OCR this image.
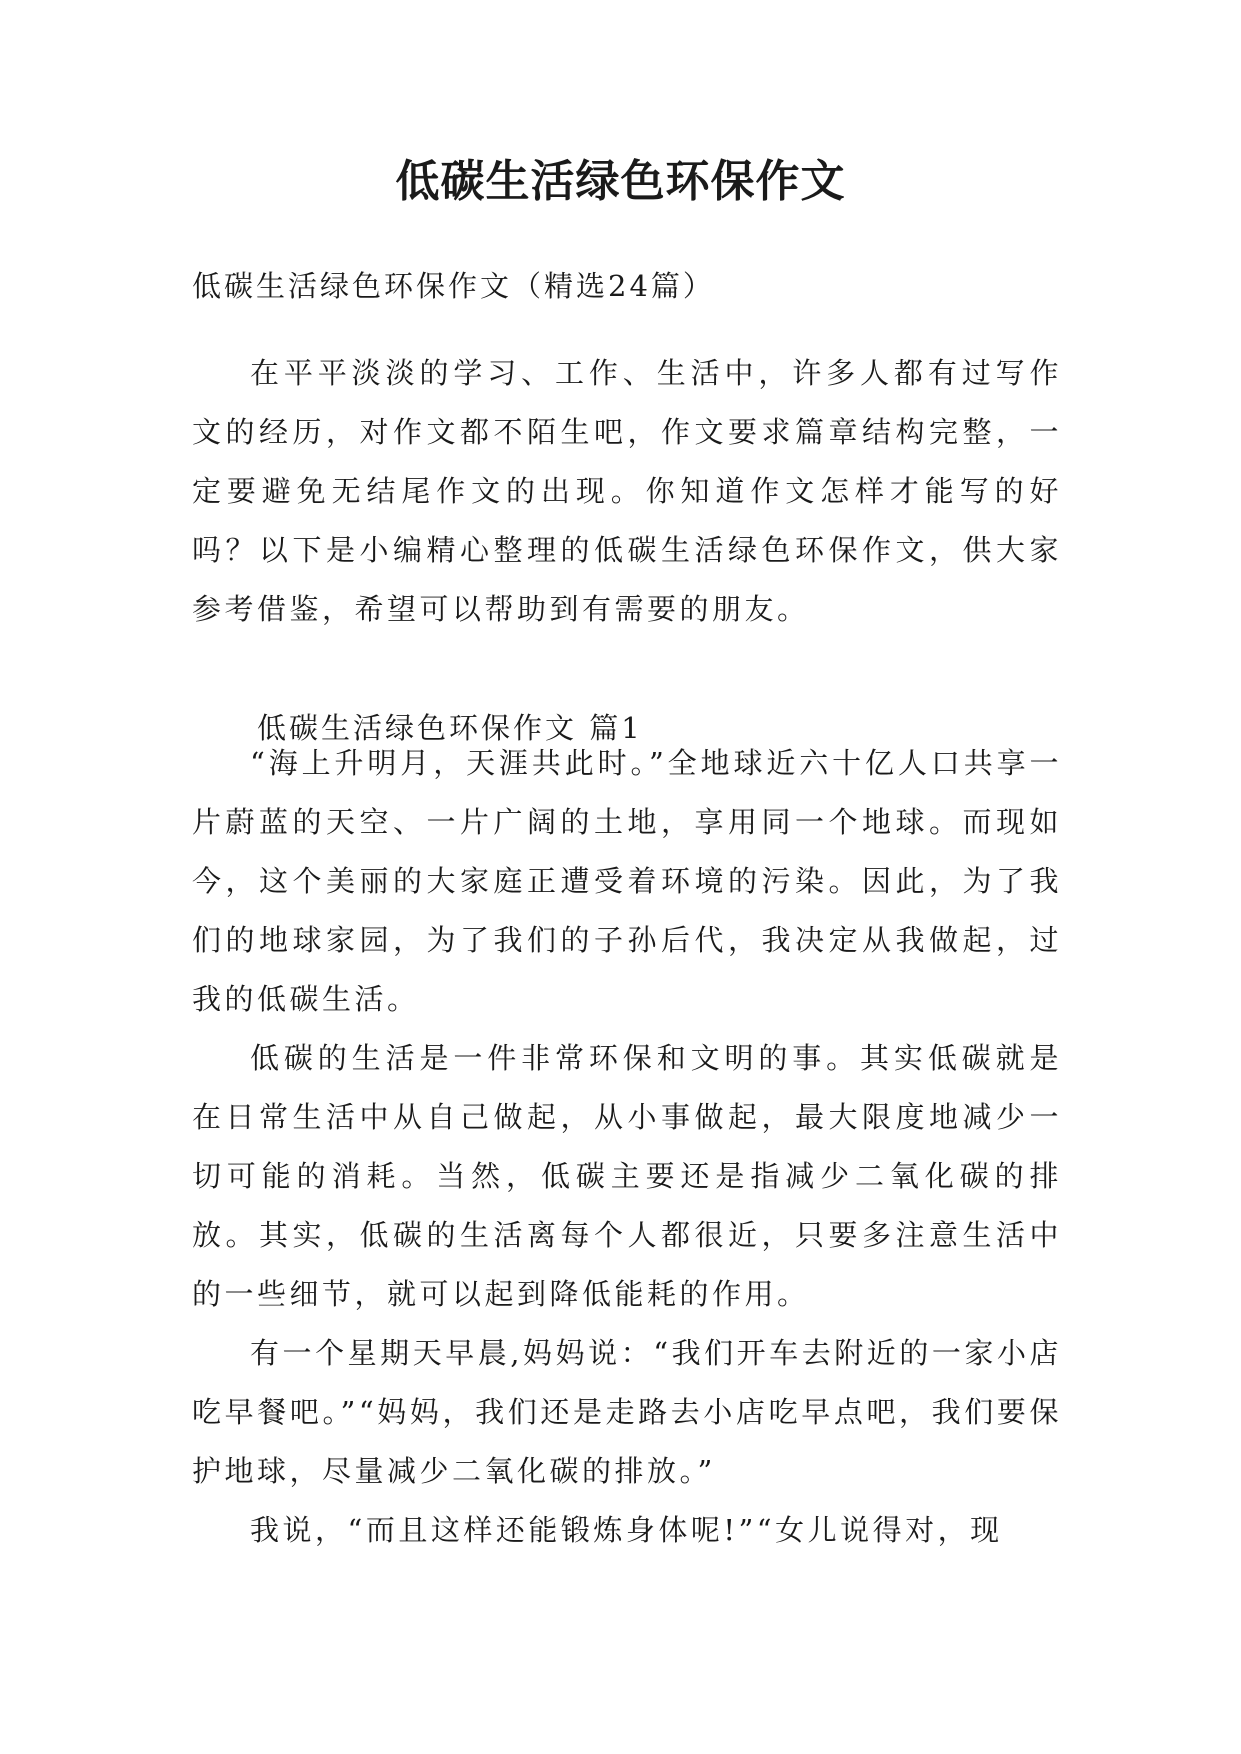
低碳生活绿色环保作文

低碳生活绿色环保作文（精选24篇）

在平平淡淡的学习、工作、生活中，许多人都有过写作文的经历，对作文都不陌生吧，作文要求篇章结构完整，一定要避免无结尾作文的出现。你知道作文怎样才能写的好吗？以下是小编精心整理的低碳生活绿色环保作文，供大家参考借鉴，希望可以帮助到有需要的朋友。

低碳生活绿色环保作文 篇1

“海上升明月，天涯共此时。”全地球近六十亿人口共享一片蔚蓝的天空、一片广阔的土地，享用同一个地球。而现如今，这个美丽的大家庭正遭受着环境的污染。因此，为了我们的地球家园，为了我们的子孙后代，我决定从我做起，过我的低碳生活。

低碳的生活是一件非常环保和文明的事。其实低碳就是在日常生活中从自己做起，从小事做起，最大限度地减少一切可能的消耗。当然，低碳主要还是指减少二氧化碳的排放。其实，低碳的生活离每个人都很近，只要多注意生活中的一些细节，就可以起到降低能耗的作用。

有一个星期天早晨,妈妈说：“我们开车去附近的一家小店吃早餐吧。”“妈妈，我们还是走路去小店吃早点吧，我们要保护地球，尽量减少二氧化碳的排放。”

我说，“而且这样还能锻炼身体呢!”“女儿说得对，现
